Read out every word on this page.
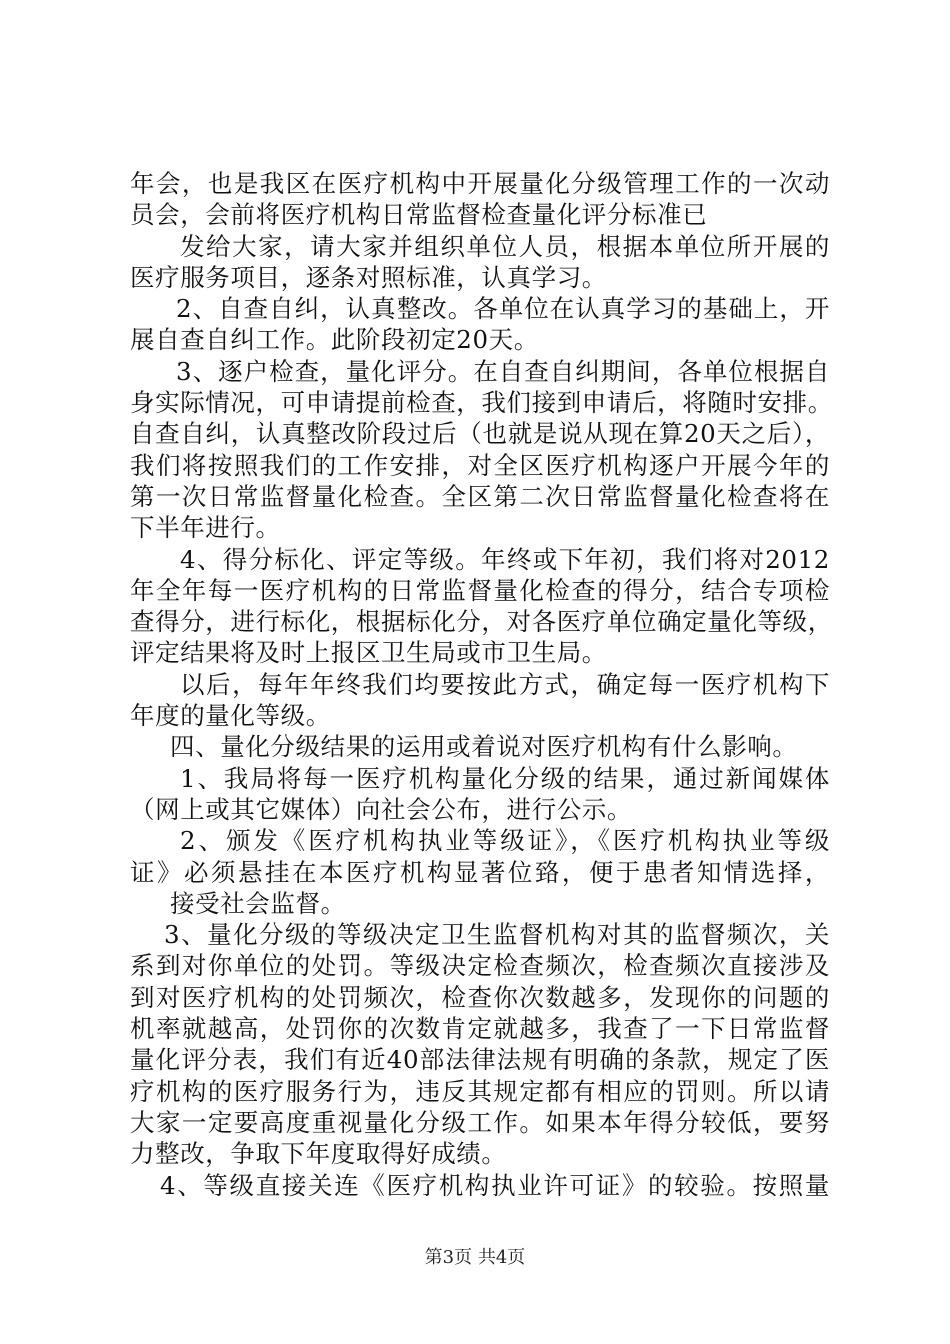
年会，也是我区在医疗机构中开展量化分级管理工作的一次动
员会，会前将医疗机构日常监督检查量化评分标准已
发给大家，请大家并组织单位人员，根据本单位所开展的
医疗服务项目，逐条对照标准，认真学习。
2、自查自纠，认真整改。各单位在认真学习的基础上，开
展自查自纠工作。此阶段初定20天。
3、逐户检查，量化评分。在自查自纠期间，各单位根据自
身实际情况，可申请提前检查，我们接到申请后，将随时安排。
自查自纠，认真整改阶段过后（也就是说从现在算20天之后），
我们将按照我们的工作安排，对全区医疗机构逐户开展今年的
第一次日常监督量化检查。全区第二次日常监督量化检查将在
下半年进行。
4、得分标化、评定等级。年终或下年初，我们将对2012
年全年每一医疗机构的日常监督量化检查的得分，结合专项检
查得分，进行标化，根据标化分，对各医疗单位确定量化等级，
评定结果将及时上报区卫生局或市卫生局。
以后，每年年终我们均要按此方式，确定每一医疗机构下
年度的量化等级。
四、量化分级结果的运用或着说对医疗机构有什么影响。
1、我局将每一医疗机构量化分级的结果，通过新闻媒体
（网上或其它媒体）向社会公布，进行公示。
2、颁发《医疗机构执业等级证》，《医疗机构执业等级
证》必须悬挂在本医疗机构显著位臵，便于患者知情选择，
接受社会监督。
3、量化分级的等级决定卫生监督机构对其的监督频次，关
系到对你单位的处罚。等级决定检查频次，检查频次直接涉及
到对医疗机构的处罚频次，检查你次数越多，发现你的问题的
机率就越高，处罚你的次数肯定就越多，我查了一下日常监督
量化评分表，我们有近40部法律法规有明确的条款，规定了医
疗机构的医疗服务行为，违反其规定都有相应的罚则。所以请
大家一定要高度重视量化分级工作。如果本年得分较低，要努
力整改，争取下年度取得好成绩。
4、等级直接关连《医疗机构执业许可证》的较验。按照量
第3页 共4页
